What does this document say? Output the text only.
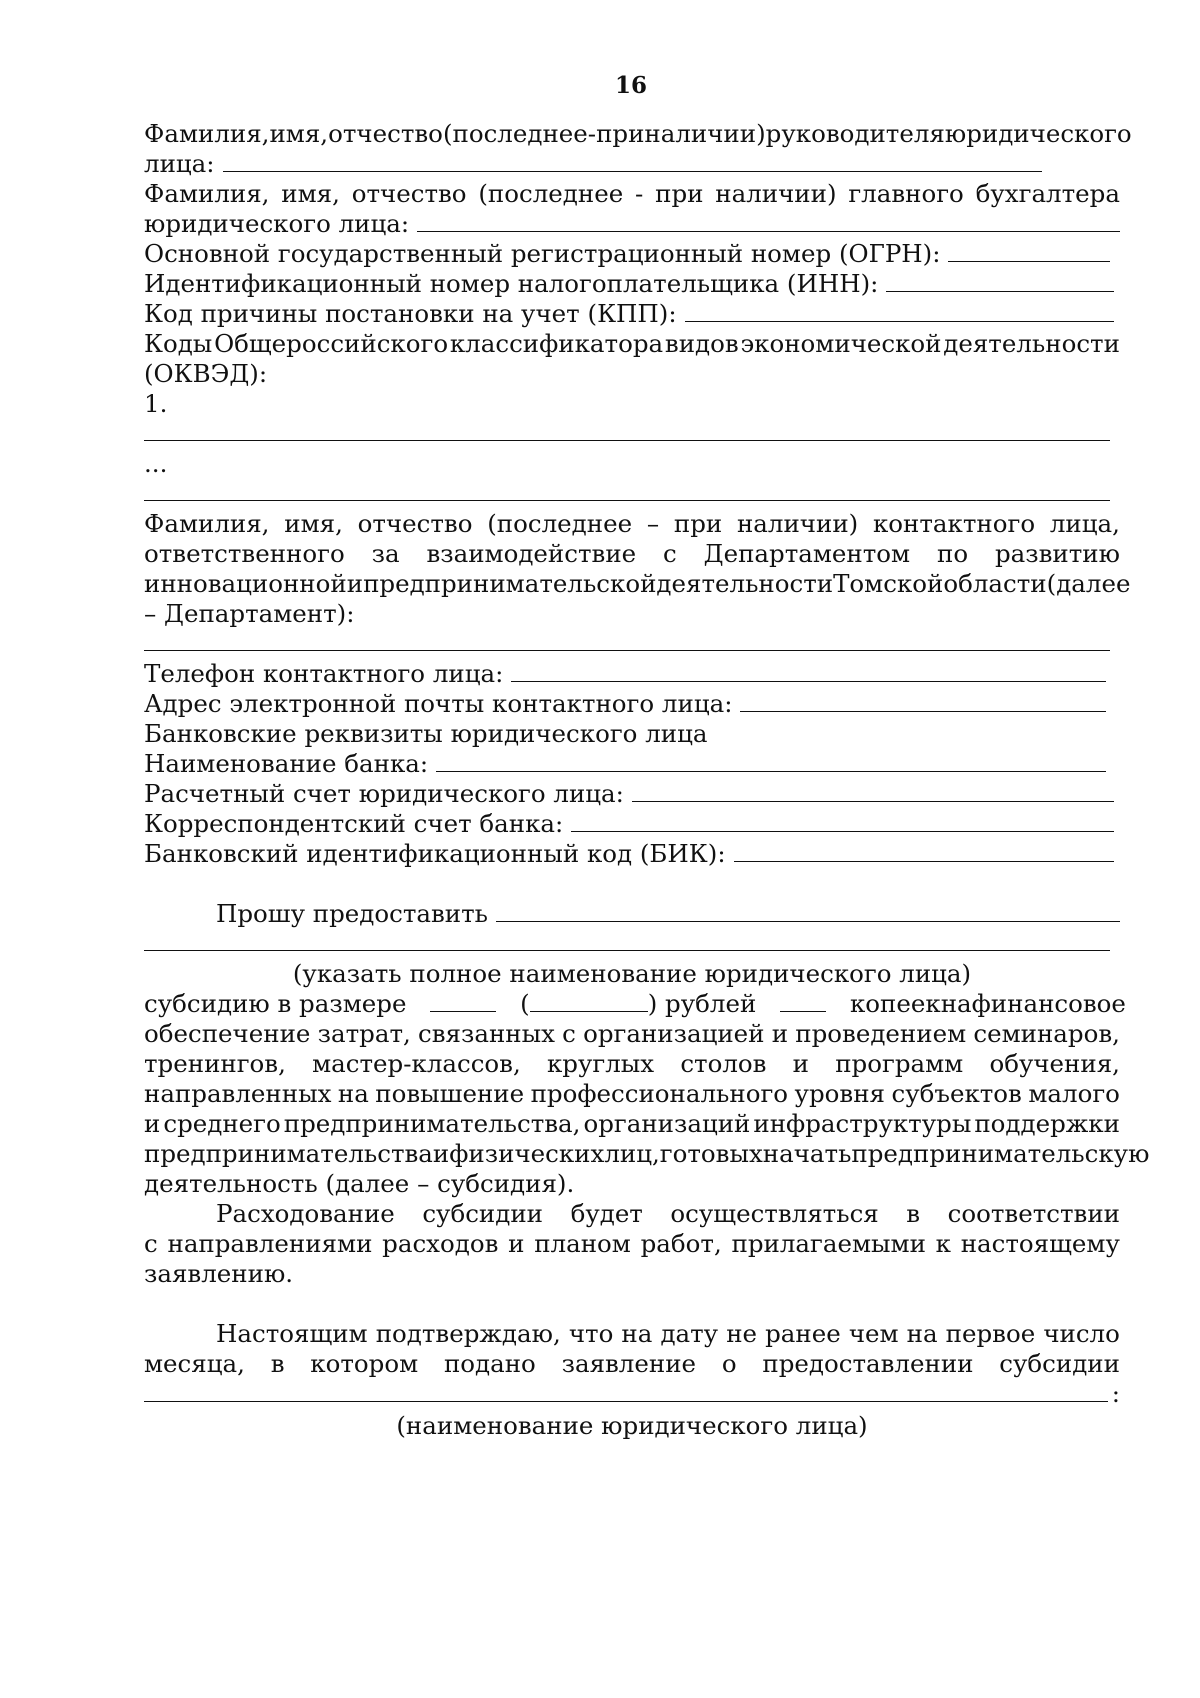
16
Фамилия, имя, отчество (последнее - при наличии) руководителя юридического
лица:
Фамилия, имя, отчество (последнее - при наличии) главного бухгалтера
юридического лица:
Основной государственный регистрационный номер (ОГРН):
Идентификационный номер налогоплательщика (ИНН):
Код причины постановки на учет (КПП):
Коды Общероссийского классификатора видов экономической деятельности
(ОКВЭД):
1.
...
Фамилия, имя, отчество (последнее – при наличии) контактного лица,
ответственного за взаимодействие с Департаментом по развитию
инновационной и предпринимательской деятельности Томской области (далее
– Департамент):
Телефон контактного лица:
Адрес электронной почты контактного лица:
Банковские реквизиты юридического лица
Наименование банка:
Расчетный счет юридического лица:
Корреспондентский счет банка:
Банковский идентификационный код (БИК):
Прошу предоставить
(указать полное наименование юридического лица)
субсидию в размере	(	) рублей	копеек на финансовое
обеспечение затрат, связанных с организацией и проведением семинаров,
тренингов, мастер-классов, круглых столов и программ обучения,
направленных на повышение профессионального уровня субъектов малого
и среднего предпринимательства, организаций инфраструктуры поддержки
предпринимательства и физических лиц, готовых начать предпринимательскую
деятельность (далее – субсидия).
Расходование субсидии будет осуществляться в соответствии
с направлениями расходов и планом работ, прилагаемыми к настоящему
заявлению.
Настоящим подтверждаю, что на дату не ранее чем на первое число
месяца, в котором подано заявление о предоставлении субсидии
:
(наименование юридического лица)
